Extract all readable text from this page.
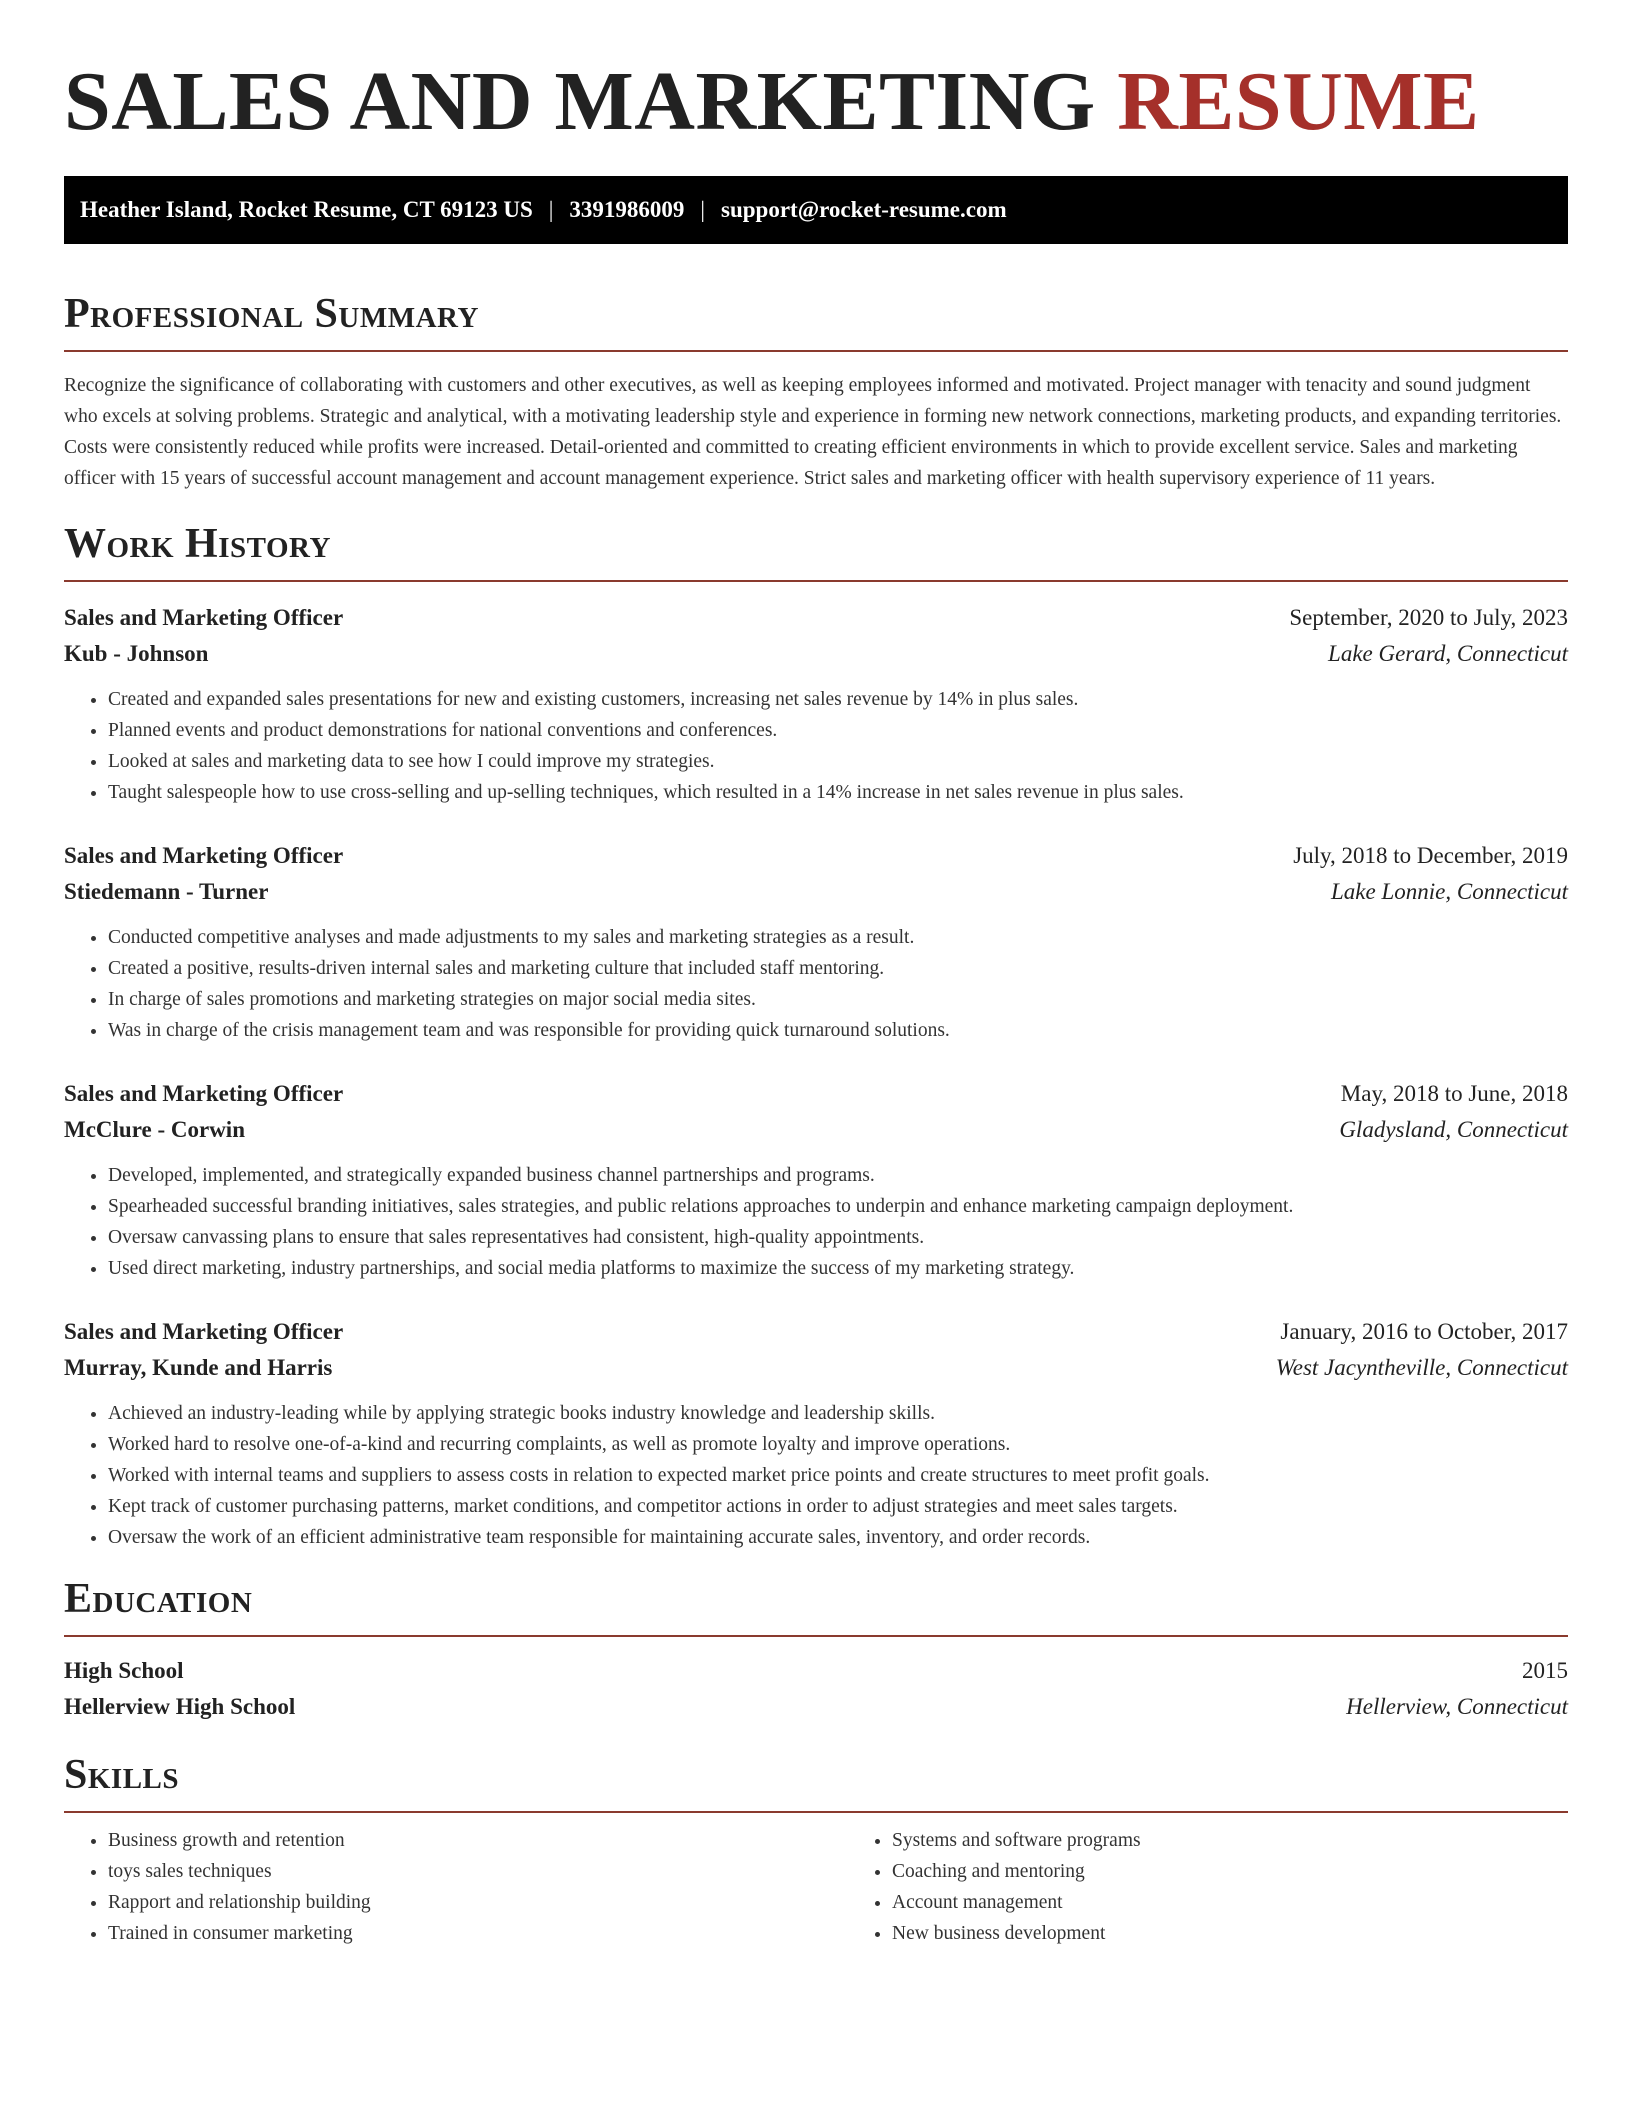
SALES AND MARKETING RESUME
Heather Island, Rocket Resume, CT 69123 US | 3391986009 | support@rocket-resume.com
Professional Summary

Recognize the significance of collaborating with customers and other executives, as well as keeping employees informed and motivated. Project manager with tenacity and sound judgment who excels at solving problems. Strategic and analytical, with a motivating leadership style and experience in forming new network connections, marketing products, and expanding territories. Costs were consistently reduced while profits were increased. Detail-oriented and committed to creating efficient environments in which to provide excellent service. Sales and marketing officer with 15 years of successful account management and account management experience. Strict sales and marketing officer with health supervisory experience of 11 years.

Work History
Sales and Marketing Officer	September, 2020 to July, 2023
Kub - Johnson	Lake Gerard, Connecticut
• Created and expanded sales presentations for new and existing customers, increasing net sales revenue by 14% in plus sales.
• Planned events and product demonstrations for national conventions and conferences.
• Looked at sales and marketing data to see how I could improve my strategies.
• Taught salespeople how to use cross-selling and up-selling techniques, which resulted in a 14% increase in net sales revenue in plus sales.
Sales and Marketing Officer	July, 2018 to December, 2019
Stiedemann - Turner	Lake Lonnie, Connecticut
• Conducted competitive analyses and made adjustments to my sales and marketing strategies as a result.
• Created a positive, results-driven internal sales and marketing culture that included staff mentoring.
• In charge of sales promotions and marketing strategies on major social media sites.
• Was in charge of the crisis management team and was responsible for providing quick turnaround solutions.
Sales and Marketing Officer	May, 2018 to June, 2018
McClure - Corwin	Gladysland, Connecticut
• Developed, implemented, and strategically expanded business channel partnerships and programs.
• Spearheaded successful branding initiatives, sales strategies, and public relations approaches to underpin and enhance marketing campaign deployment.
• Oversaw canvassing plans to ensure that sales representatives had consistent, high-quality appointments.
• Used direct marketing, industry partnerships, and social media platforms to maximize the success of my marketing strategy.
Sales and Marketing Officer	January, 2016 to October, 2017
Murray, Kunde and Harris	West Jacyntheville, Connecticut
• Achieved an industry-leading while by applying strategic books industry knowledge and leadership skills.
• Worked hard to resolve one-of-a-kind and recurring complaints, as well as promote loyalty and improve operations.
• Worked with internal teams and suppliers to assess costs in relation to expected market price points and create structures to meet profit goals.
• Kept track of customer purchasing patterns, market conditions, and competitor actions in order to adjust strategies and meet sales targets.
• Oversaw the work of an efficient administrative team responsible for maintaining accurate sales, inventory, and order records.
Education
High School	2015
Hellerview High School	Hellerview, Connecticut
Skills
• Business growth and retention
• toys sales techniques
• Rapport and relationship building
• Trained in consumer marketing
• Systems and software programs
• Coaching and mentoring
• Account management
• New business development
